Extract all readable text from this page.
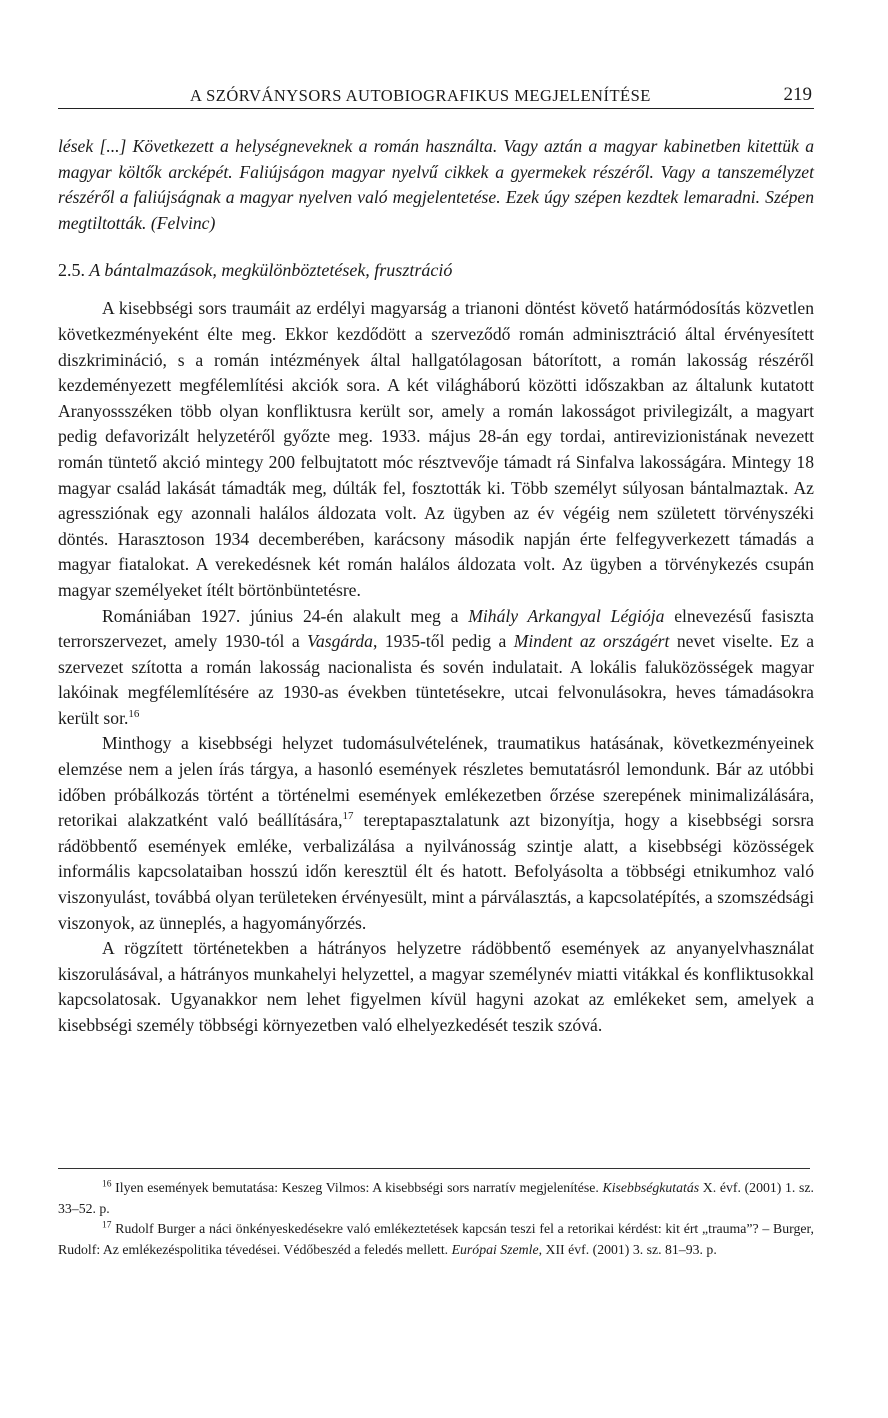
A SZÓRVÁNYSORS AUTOBIOGRAFIKUS MEGJELENÍTÉSE	219

lések [...] Következett a helységneveknek a román használta. Vagy aztán a magyar kabinetben kitettük a magyar költők arcképét. Faliújságon magyar nyelvű cikkek a gyermekek részéről. Vagy a tanszemélyzet részéről a faliújságnak a magyar nyelven való megjelentetése. Ezek úgy szépen kezdtek lemaradni. Szépen megtiltották. (Felvinc)

2.5. A bántalmazások, megkülönböztetések, frusztráció

A kisebbségi sors traumáit az erdélyi magyarság a trianoni döntést követő határmódosítás közvetlen következményeként élte meg. Ekkor kezdődött a szerveződő román adminisztráció által érvényesített diszkrimináció, s a román intézmények által hallgatólagosan bátorított, a román lakosság részéről kezdeményezett megfélemlítési akciók sora. A két világháború közötti időszakban az általunk kutatott Aranyossszéken több olyan konfliktusra került sor, amely a román lakosságot privilegizált, a magyart pedig defavorizált helyzetéről győzte meg. 1933. május 28-án egy tordai, antirevizionistának nevezett román tüntető akció mintegy 200 felbujtatott móc résztvevője támadt rá Sinfalva lakosságára. Mintegy 18 magyar család lakását támadták meg, dúlták fel, fosztották ki. Több személyt súlyosan bántalmaztak. Az agressziónak egy azonnali halálos áldozata volt. Az ügyben az év végéig nem született törvényszéki döntés. Harasztoson 1934 decemberében, karácsony második napján érte felfegyverkezett támadás a magyar fiatalokat. A verekedésnek két román halálos áldozata volt. Az ügyben a törvénykezés csupán magyar személyeket ítélt börtönbüntetésre.

Romániában 1927. június 24-én alakult meg a Mihály Arkangyal Légiója elnevezésű fasiszta terrorszervezet, amely 1930-tól a Vasgárda, 1935-től pedig a Mindent az országért nevet viselte. Ez a szervezet szította a román lakosság nacionalista és sovén indulatait. A lokális faluközösségek magyar lakóinak megfélemlítésére az 1930-as években tüntetésekre, utcai felvonulásokra, heves támadásokra került sor.$^{16}$

Minthogy a kisebbségi helyzet tudomásulvételének, traumatikus hatásának, következményeinek elemzése nem a jelen írás tárgya, a hasonló események részletes bemutatásról lemondunk. Bár az utóbbi időben próbálkozás történt a történelmi események emlékezetben őrzése szerepének minimalizálására, retorikai alakzatként való beállítására,$^{17}$ tereptapasztalatunk azt bizonyítja, hogy a kisebbségi sorsra rádöbbentő események emléke, verbalizálása a nyilvánosság szintje alatt, a kisebbségi közösségek informális kapcsolataiban hosszú időn keresztül élt és hatott. Befolyásolta a többségi etnikumhoz való viszonyulást, továbbá olyan területeken érvényesült, mint a párválasztás, a kapcsolatépítés, a szomszédsági viszonyok, az ünneplés, a hagyományőrzés.

A rögzített történetekben a hátrányos helyzetre rádöbbentő események az anyanyelvhasználat kiszorulásával, a hátrányos munkahelyi helyzettel, a magyar személynév miatti vitákkal és konfliktusokkal kapcsolatosak. Ugyanakkor nem lehet figyelmen kívül hagyni azokat az emlékeket sem, amelyek a kisebbségi személy többségi környezetben való elhelyezkedését teszik szóvá.

$^{16}$ Ilyen események bemutatása: Keszeg Vilmos: A kisebbségi sors narratív megjelenítése. Kisebbségkutatás X. évf. (2001) 1. sz. 33–52. p.

$^{17}$ Rudolf Burger a náci önkényeskedésekre való emlékeztetések kapcsán teszi fel a retorikai kérdést: kit ért „trauma”? – Burger, Rudolf: Az emlékezéspolitika tévedései. Védőbeszéd a feledés mellett. Európai Szemle, XII évf. (2001) 3. sz. 81–93. p.
